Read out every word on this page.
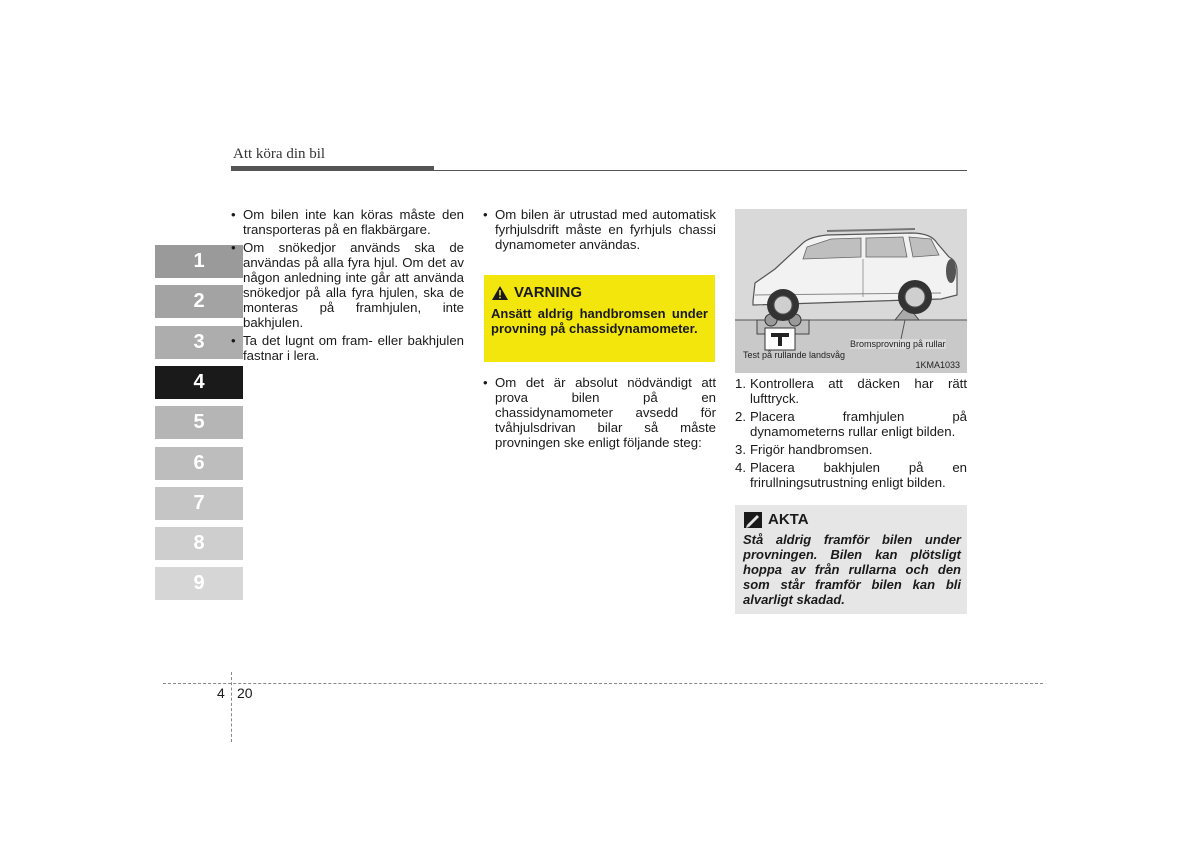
Att köra din bil
1
2
3
4
5
6
7
8
9
• Om bilen inte kan köras måste den transporteras på en flakbärgare.
• Om snökedjor används ska de användas på alla fyra hjul. Om det av någon anledning inte går att använda snökedjor på alla fyra hjulen, ska de monteras på framhjulen, inte bakhjulen.
• Ta det lugnt om fram- eller bakhjulen fastnar i lera.
• Om bilen är utrustad med automatisk fyrhjulsdrift måste en fyrhjuls chassi dynamometer användas.
VARNING
Ansätt aldrig handbromsen under provning på chassidynamometer.
• Om det är absolut nödvändigt att prova bilen på en chassidynamometer avsedd för tvåhjulsdrivan bilar så måste provningen ske enligt följande steg:
Test på rullande landsvåg
Bromsprovning på rullar
1KMA1033
1. Kontrollera att däcken har rätt lufttryck.
2. Placera framhjulen på dynamometerns rullar enligt bilden.
3. Frigör handbromsen.
4. Placera bakhjulen på en frirullningsutrustning enligt bilden.
AKTA
Stå aldrig framför bilen under provningen. Bilen kan plötsligt hoppa av från rullarna och den som står framför bilen kan bli alvarligt skadad.
4 20
